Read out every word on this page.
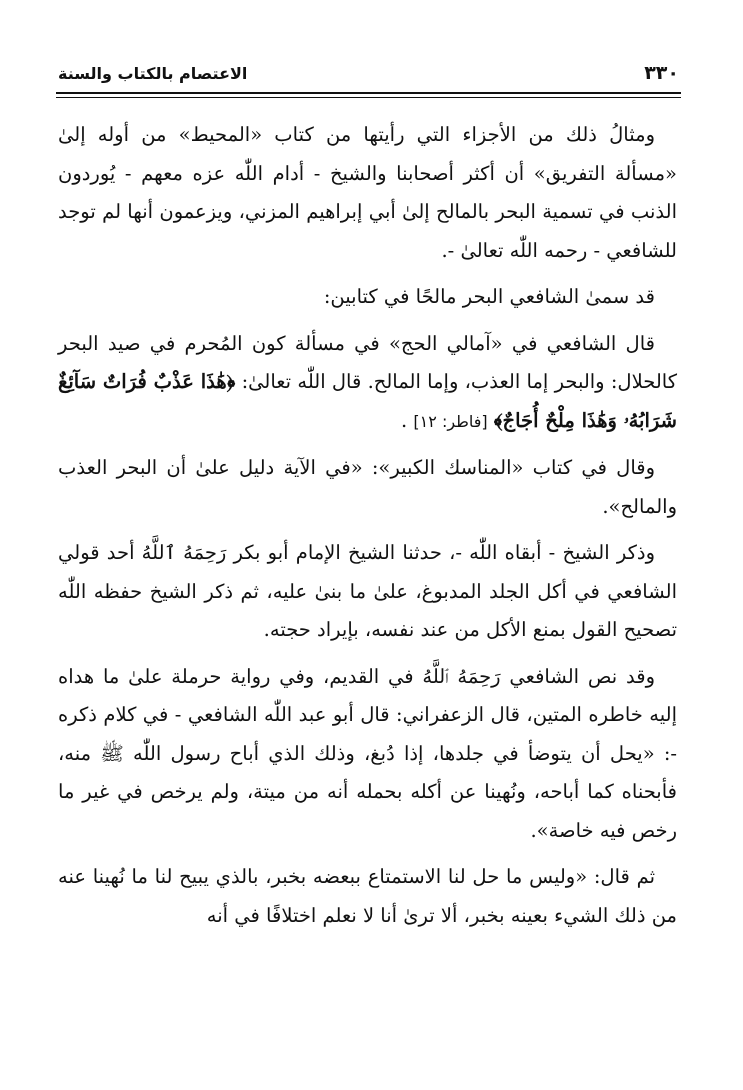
٣٣٠
الاعتصام بالكتاب والسنة

ومثالُ ذلك من الأجزاء التي رأيتها من كتاب «المحيط» من أوله إلىٰ «مسألة التفريق» أن أكثر أصحابنا والشيخ - أدام اللّٰه عزه معهم - يُوردون الذنب في تسمية البحر بالمالح إلىٰ أبي إبراهيم المزني، ويزعمون أنها لم توجد للشافعي - رحمه اللّٰه تعالىٰ -.

قد سمىٰ الشافعي البحر مالحًا في كتابين:

قال الشافعي في «آمالي الحج» في مسألة كون المُحرم في صيد البحر كالحلال: والبحر إما العذب، وإما المالح. قال اللّٰه تعالىٰ: ﴿هَٰذَا عَذْبٌ فُرَاتٌ سَآئِغٌ شَرَابُهُۥ وَهَٰذَا مِلْحٌ أُجَاجٌ﴾ [فاطر: ١٢] .

وقال في كتاب «المناسك الكبير»: «في الآية دليل علىٰ أن البحر العذب والمالح».

وذكر الشيخ - أبقاه اللّٰه -، حدثنا الشيخ الإمام أبو بكر رَحِمَهُ ٱللَّهُ أحد قولي الشافعي في أكل الجلد المدبوغ، علىٰ ما بنىٰ عليه، ثم ذكر الشيخ حفظه اللّٰه تصحيح القول بمنع الأكل من عند نفسه، بإيراد حجته.

وقد نص الشافعي رَحِمَهُ ٱللَّهُ في القديم، وفي رواية حرملة علىٰ ما هداه إليه خاطره المتين، قال الزعفراني: قال أبو عبد اللّٰه الشافعي - في كلام ذكره -: «يحل أن يتوضأ في جلدها، إذا دُبغ، وذلك الذي أباح رسول اللّٰه ﷺ منه، فأبحناه كما أباحه، ونُهينا عن أكله بحمله أنه من ميتة، ولم يرخص في غير ما رخص فيه خاصة».

ثم قال: «وليس ما حل لنا الاستمتاع ببعضه بخبر، بالذي يبيح لنا ما نُهينا عنه من ذلك الشيء بعينه بخبر، ألا ترىٰ أنا لا نعلم اختلافًا في أنه
